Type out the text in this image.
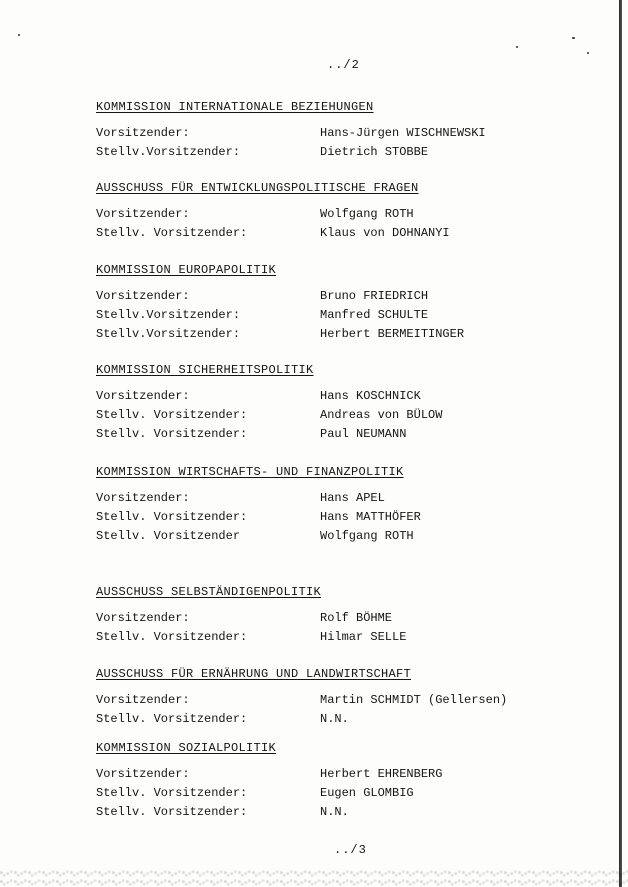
../2
KOMMISSION INTERNATIONALE BEZIEHUNGEN
Vorsitzender:	Hans-Jürgen WISCHNEWSKI
Stellv.Vorsitzender:	Dietrich STOBBE
AUSSCHUSS FÜR ENTWICKLUNGSPOLITISCHE FRAGEN
Vorsitzender:	Wolfgang ROTH
Stellv. Vorsitzender:	Klaus von DOHNANYI
KOMMISSION EUROPAPOLITIK
Vorsitzender:	Bruno FRIEDRICH
Stellv.Vorsitzender:	Manfred SCHULTE
Stellv.Vorsitzender:	Herbert BERMEITINGER
KOMMISSION SICHERHEITSPOLITIK
Vorsitzender:	Hans KOSCHNICK
Stellv. Vorsitzender:	Andreas von BÜLOW
Stellv. Vorsitzender:	Paul NEUMANN
KOMMISSION WIRTSCHAFTS- UND FINANZPOLITIK
Vorsitzender:	Hans APEL
Stellv. Vorsitzender:	Hans MATTHÖFER
Stellv. Vorsitzender	Wolfgang ROTH
AUSSCHUSS SELBSTÄNDIGENPOLITIK
Vorsitzender:	Rolf BÖHME
Stellv. Vorsitzender:	Hilmar SELLE
AUSSCHUSS FÜR ERNÄHRUNG UND LANDWIRTSCHAFT
Vorsitzender:	Martin SCHMIDT (Gellersen)
Stellv. Vorsitzender:	N.N.
KOMMISSION SOZIALPOLITIK
Vorsitzender:	Herbert EHRENBERG
Stellv. Vorsitzender:	Eugen GLOMBIG
Stellv. Vorsitzender:	N.N.
../3
